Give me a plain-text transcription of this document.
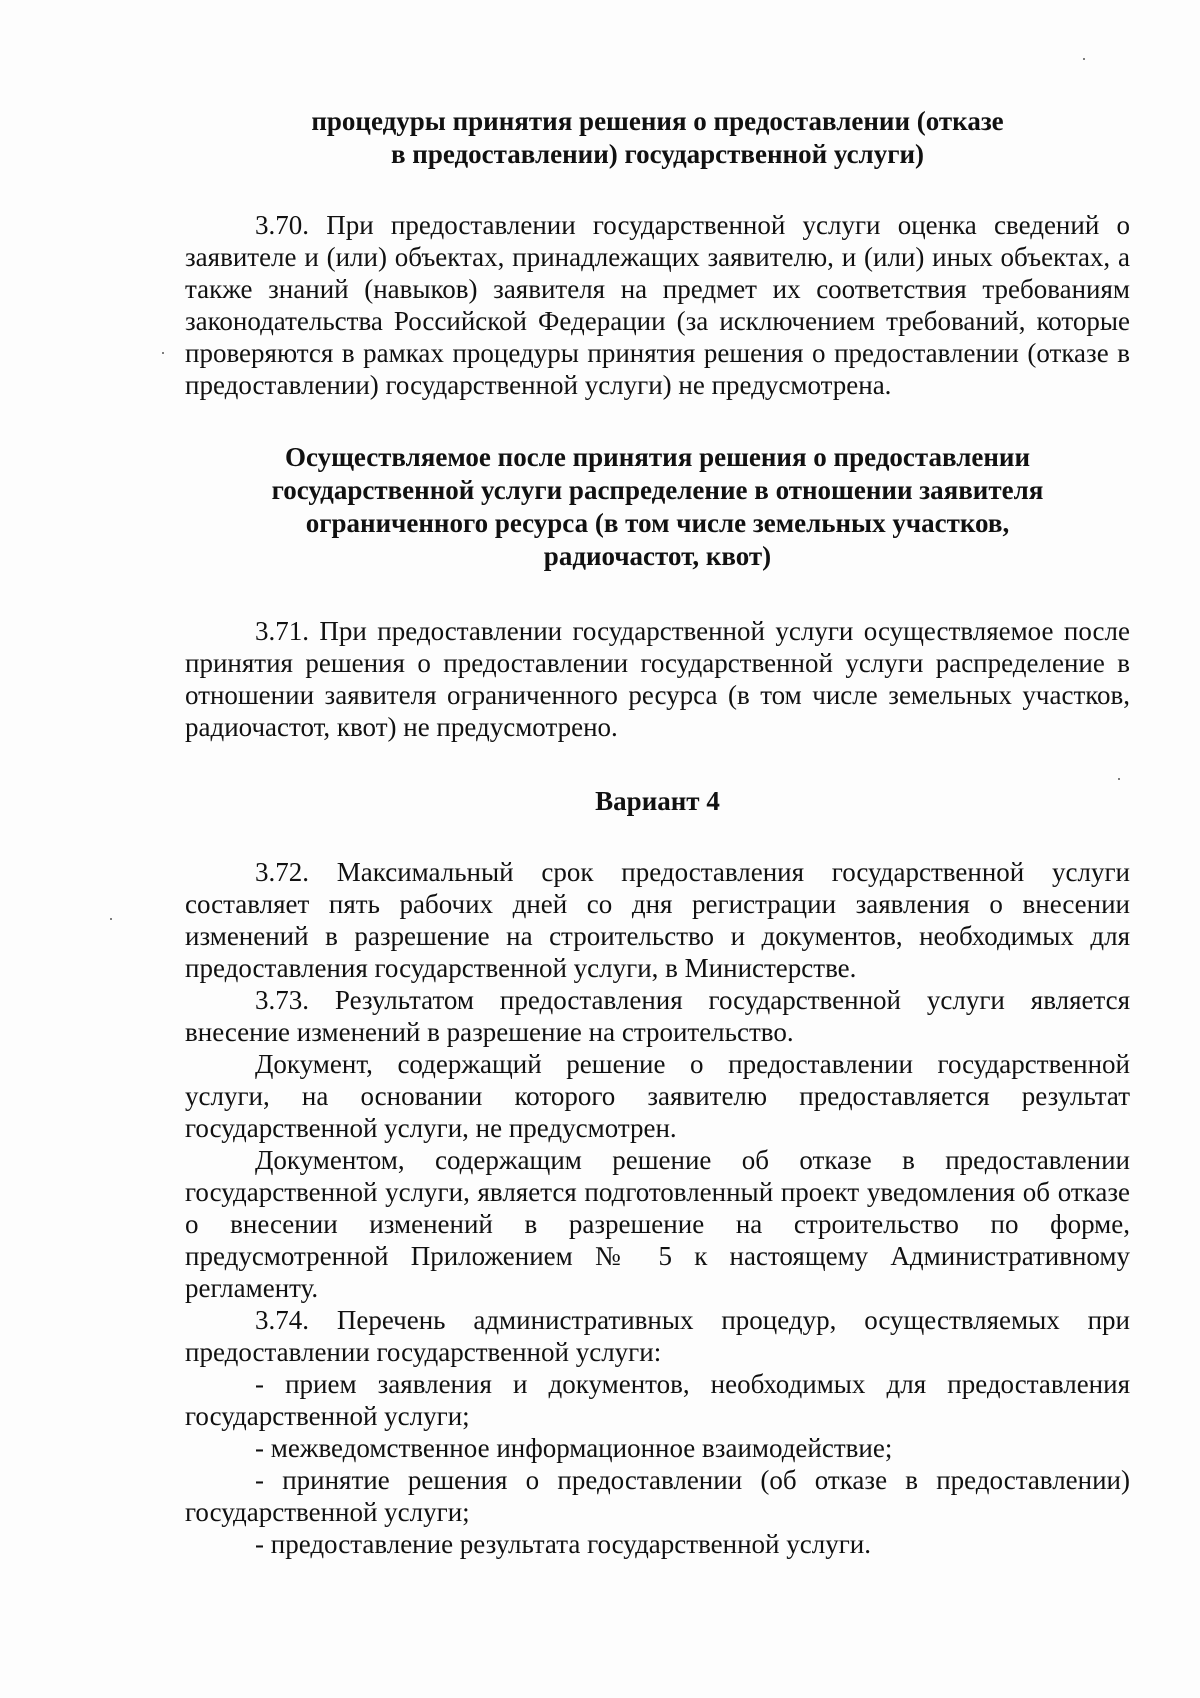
процедуры принятия решения о предоставлении (отказе
в предоставлении) государственной услуги)

3.70. При предоставлении государственной услуги оценка сведений о заявителе и (или) объектах, принадлежащих заявителю, и (или) иных объектах, а также знаний (навыков) заявителя на предмет их соответствия требованиям законодательства Российской Федерации (за исключением требований, которые проверяются в рамках процедуры принятия решения о предоставлении (отказе в предоставлении) государственной услуги) не предусмотрена.

Осуществляемое после принятия решения о предоставлении
государственной услуги распределение в отношении заявителя
ограниченного ресурса (в том числе земельных участков,
радиочастот, квот)

3.71. При предоставлении государственной услуги осуществляемое после принятия решения о предоставлении государственной услуги распределение в отношении заявителя ограниченного ресурса (в том числе земельных участков, радиочастот, квот) не предусмотрено.

Вариант 4

3.72. Максимальный срок предоставления государственной услуги составляет пять рабочих дней со дня регистрации заявления о внесении изменений в разрешение на строительство и документов, необходимых для предоставления государственной услуги, в Министерстве.

3.73. Результатом предоставления государственной услуги является внесение изменений в разрешение на строительство.

Документ, содержащий решение о предоставлении государственной услуги, на основании которого заявителю предоставляется результат государственной услуги, не предусмотрен.

Документом, содержащим решение об отказе в предоставлении государственной услуги, является подготовленный проект уведомления об отказе о внесении изменений в разрешение на строительство по форме, предусмотренной Приложением № 5 к настоящему Административному регламенту.

3.74. Перечень административных процедур, осуществляемых при предоставлении государственной услуги:

- прием заявления и документов, необходимых для предоставления государственной услуги;

- межведомственное информационное взаимодействие;

- принятие решения о предоставлении (об отказе в предоставлении) государственной услуги;

- предоставление результата государственной услуги.
